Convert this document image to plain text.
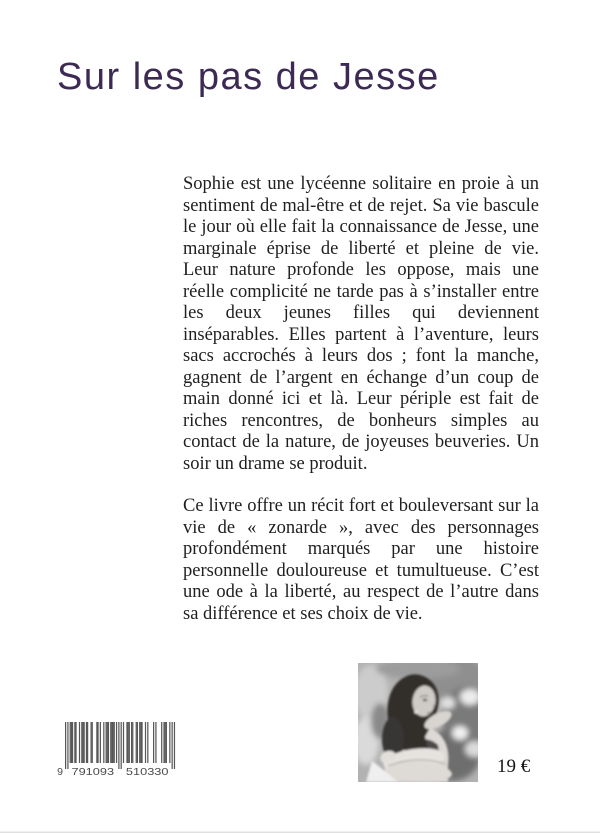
Sur les pas de Jesse

Sophie est une lycéenne solitaire en proie à un sentiment de mal-être et de rejet. Sa vie bascule le jour où elle fait la connaissance de Jesse, une marginale éprise de liberté et pleine de vie. Leur nature profonde les oppose, mais une réelle complicité ne tarde pas à s’installer entre les deux jeunes filles qui deviennent inséparables. Elles partent à l’aventure, leurs sacs accrochés à leurs dos ; font la manche, gagnent de l’argent en échange d’un coup de main donné ici et là. Leur périple est fait de riches rencontres, de bonheurs simples au contact de la nature, de joyeuses beuveries. Un soir un drame se produit.

Ce livre offre un récit fort et bouleversant sur la vie de « zonarde », avec des personnages profondément marqués par une histoire personnelle douloureuse et tumultueuse. C’est une ode à la liberté, au respect de l’autre dans sa différence et ses choix de vie.

9 791093 510330	19 €
